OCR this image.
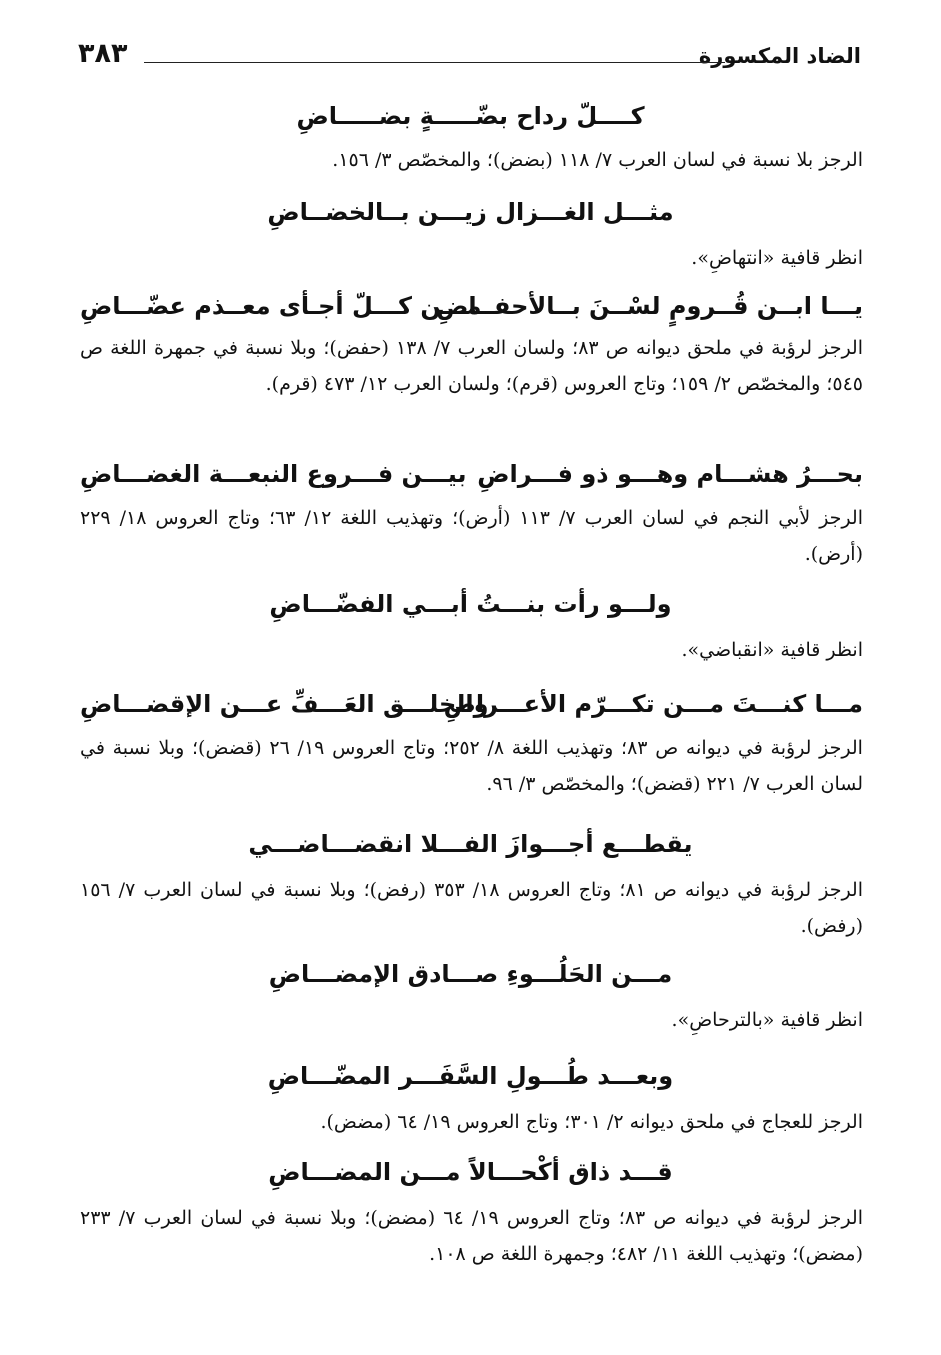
الضاد المكسورة
٣٨٣
كــــلّ رداح بضّـــــةٍ بضـــــاضِ
الرجز بلا نسبة في لسان العرب ٧/ ١١٨ (بضض)؛ والمخصّص ٣/ ١٥٦.
مثـــل الغـــزال زيـــن بــالخضــاضِ
انظر قافية «انتهاضِ».
يـــا ابــن قُــرومٍ لسْــنَ بــالأحفــاضِ
مـــن كـــلّ أجـأى معــذم عضّـــاضِ
الرجز لرؤبة في ملحق ديوانه ص ٨٣؛ ولسان العرب ٧/ ١٣٨ (حفض)؛ وبلا نسبة في جمهرة اللغة ص ٥٤٥؛ والمخصّص ٢/ ١٥٩؛ وتاج العروس (قرم)؛ ولسان العرب ١٢/ ٤٧٣ (قرم).
بحـــرُ هشـــام وهـــو ذو فـــراضِ
بيـــن فـــروع النبعـــة الغضـــاضِ
الرجز لأبي النجم في لسان العرب ٧/ ١١٣ (أرض)؛ وتهذيب اللغة ١٢/ ٦٣؛ وتاج العروس ١٨/ ٢٢٩ (أرض).
ولـــو رأت بنـــتُ أبـــي الفضّـــاضِ
انظر قافية «انقباضي».
مـــا كنـــتَ مـــن تكـــرّم الأعـــراضِ
والخلـــق العَـــفِّ عـــن الإقضـــاضِ
الرجز لرؤبة في ديوانه ص ٨٣؛ وتهذيب اللغة ٨/ ٢٥٢؛ وتاج العروس ١٩/ ٢٦ (قضض)؛ وبلا نسبة في لسان العرب ٧/ ٢٢١ (قضض)؛ والمخصّص ٣/ ٩٦.
يقطـــع أجـــوازَ الفـــلا انقضـــاضـــي
الرجز لرؤبة في ديوانه ص ٨١؛ وتاج العروس ١٨/ ٣٥٣ (رفض)؛ وبلا نسبة في لسان العرب ٧/ ١٥٦ (رفض).
مـــن الحَلُـــوءِ صـــادق الإمضـــاضِ
انظر قافية «بالترحاضِ».
وبعـــد طُـــولِ السَّفَـــر المضّـــاضِ
الرجز للعجاج في ملحق ديوانه ٢/ ٣٠١؛ وتاج العروس ١٩/ ٦٤ (مضض).
قـــد ذاق أكْحـــالاً مـــن المضـــاضِ
الرجز لرؤبة في ديوانه ص ٨٣؛ وتاج العروس ١٩/ ٦٤ (مضض)؛ وبلا نسبة في لسان العرب ٧/ ٢٣٣ (مضض)؛ وتهذيب اللغة ١١/ ٤٨٢؛ وجمهرة اللغة ص ١٠٨.
